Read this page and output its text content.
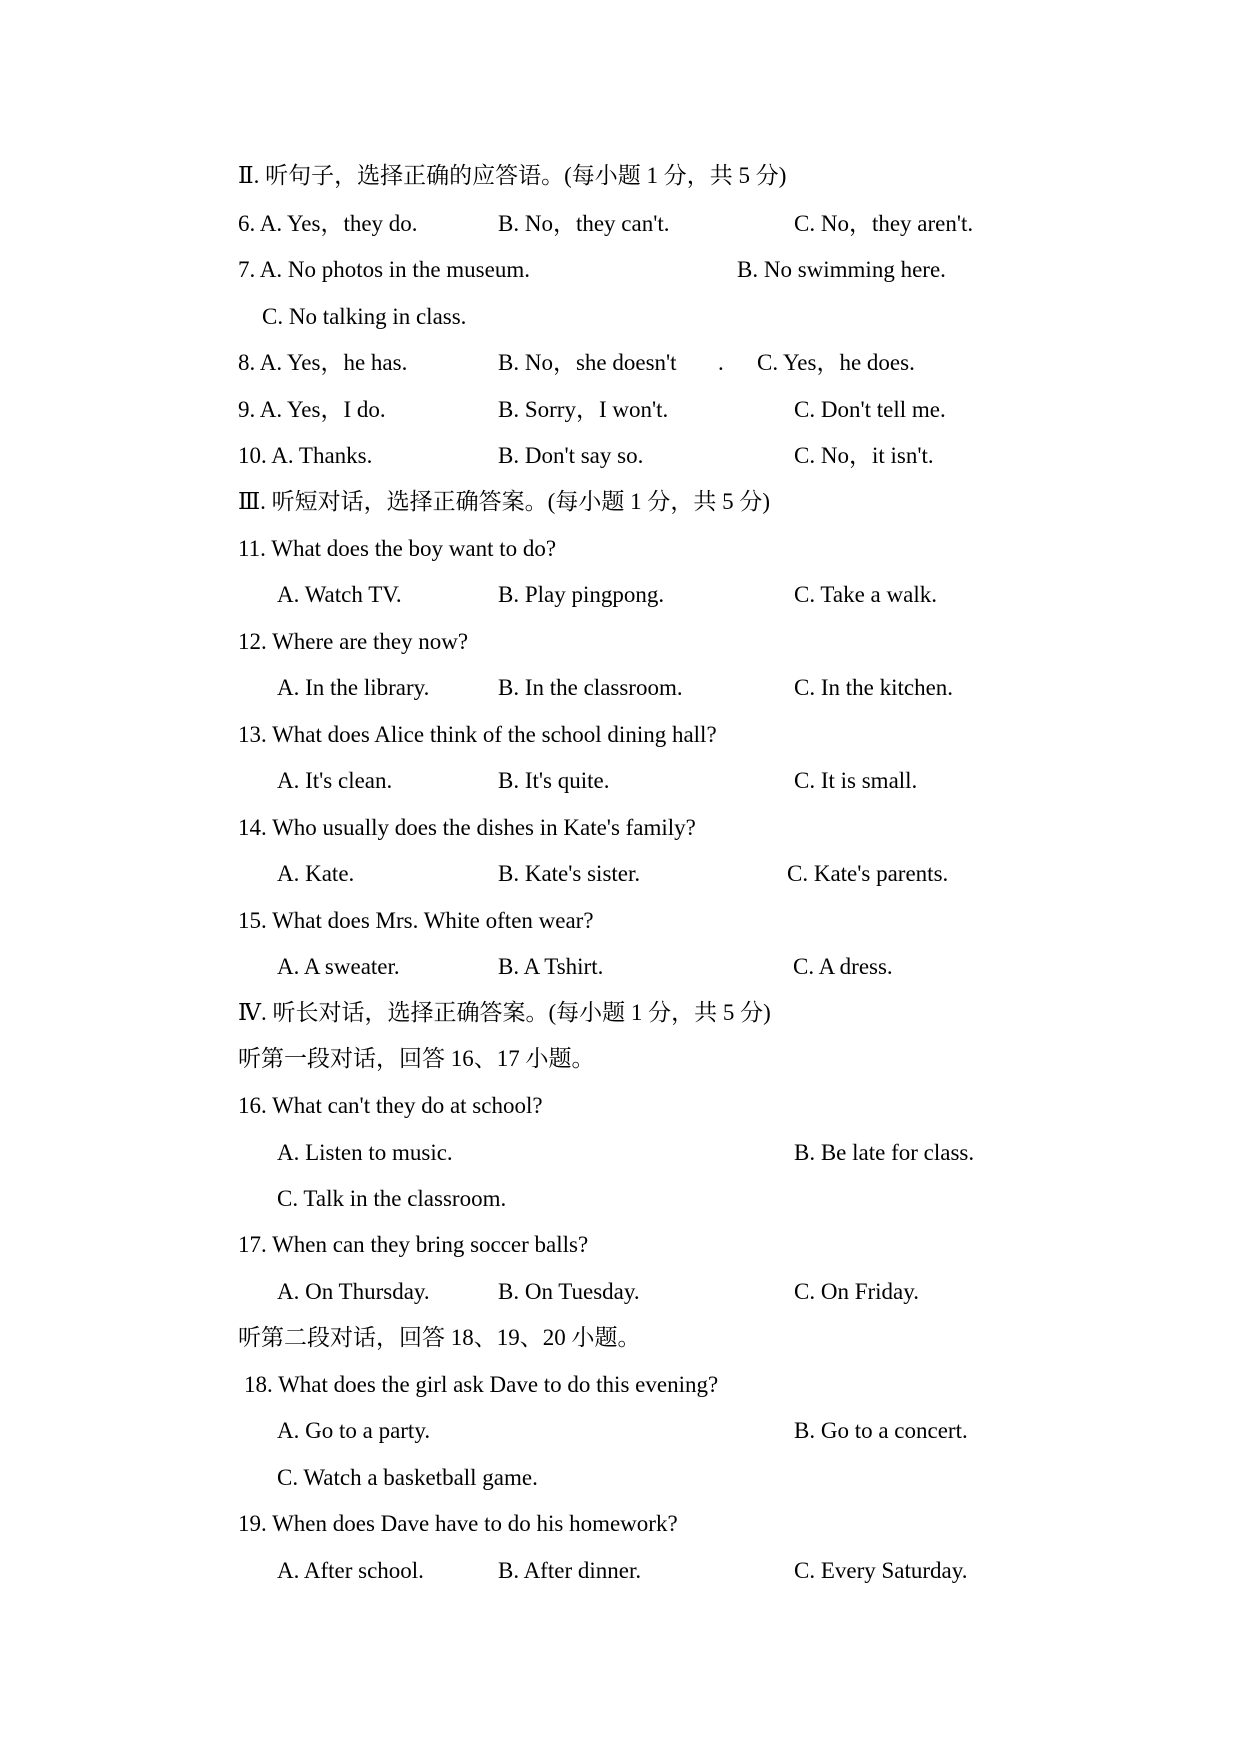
Ⅱ. 听句子，选择正确的应答语。(每小题 1 分，共 5 分)
6. A. Yes，they do.	B. No，they can't.	C. No，they aren't.
7. A. No photos in the museum.	B. No swimming here.
C. No talking in class.
8. A. Yes，he has.	B. No，she doesn't . C. Yes，he does.
9. A. Yes，I do.	B. Sorry，I won't.	C. Don't tell me.
10. A. Thanks.	B. Don't say so.	C. No，it isn't.
Ⅲ. 听短对话，选择正确答案。(每小题 1 分，共 5 分)
11. What does the boy want to do?
A. Watch TV.	B. Play pingpong.	C. Take a walk.
12. Where are they now?
A. In the library.	B. In the classroom.	C. In the kitchen.
13. What does Alice think of the school dining hall?
A. It's clean.	B. It's quite.	C. It is small.
14. Who usually does the dishes in Kate's family?
A. Kate.	B. Kate's sister.	C. Kate's parents.
15. What does Mrs. White often wear?
A. A sweater.	B. A Tshirt.	C. A dress.
Ⅳ. 听长对话，选择正确答案。(每小题 1 分，共 5 分)
听第一段对话，回答 16、17 小题。
16. What can't they do at school?
A. Listen to music.	B. Be late for class.
C. Talk in the classroom.
17. When can they bring soccer balls?
A. On Thursday.	B. On Tuesday.	C. On Friday.
听第二段对话，回答 18、19、20 小题。
18. What does the girl ask Dave to do this evening?
A. Go to a party.	B. Go to a concert.
C. Watch a basketball game.
19. When does Dave have to do his homework?
A. After school.	B. After dinner.	C. Every Saturday.
